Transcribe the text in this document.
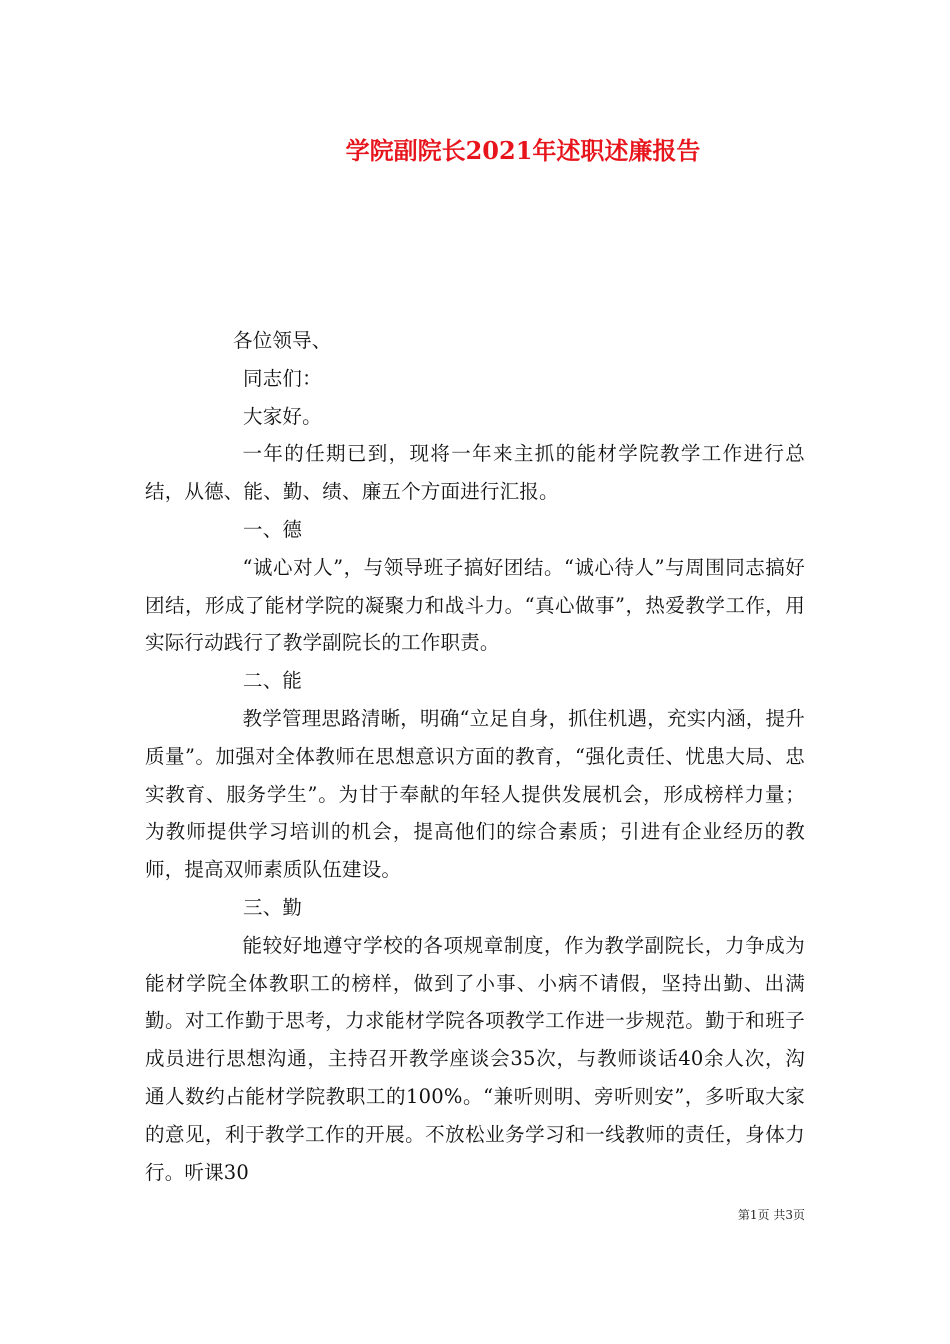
学院副院长2021年述职述廉报告

各位领导、

同志们：

大家好。

一年的任期已到，现将一年来主抓的能材学院教学工作进行总结，从德、能、勤、绩、廉五个方面进行汇报。

一、德

“诚心对人”，与领导班子搞好团结。“诚心待人”与周围同志搞好团结，形成了能材学院的凝聚力和战斗力。“真心做事”，热爱教学工作，用实际行动践行了教学副院长的工作职责。

二、能

教学管理思路清晰，明确“立足自身，抓住机遇，充实内涵，提升质量”。加强对全体教师在思想意识方面的教育，“强化责任、忧患大局、忠实教育、服务学生”。为甘于奉献的年轻人提供发展机会，形成榜样力量；为教师提供学习培训的机会，提高他们的综合素质；引进有企业经历的教师，提高双师素质队伍建设。

三、勤

能较好地遵守学校的各项规章制度，作为教学副院长，力争成为能材学院全体教职工的榜样，做到了小事、小病不请假，坚持出勤、出满勤。对工作勤于思考，力求能材学院各项教学工作进一步规范。勤于和班子成员进行思想沟通，主持召开教学座谈会35次，与教师谈话40余人次，沟通人数约占能材学院教职工的100%。“兼听则明、旁听则安”，多听取大家的意见，利于教学工作的开展。不放松业务学习和一线教师的责任，身体力行。听课30

第1页 共3页
